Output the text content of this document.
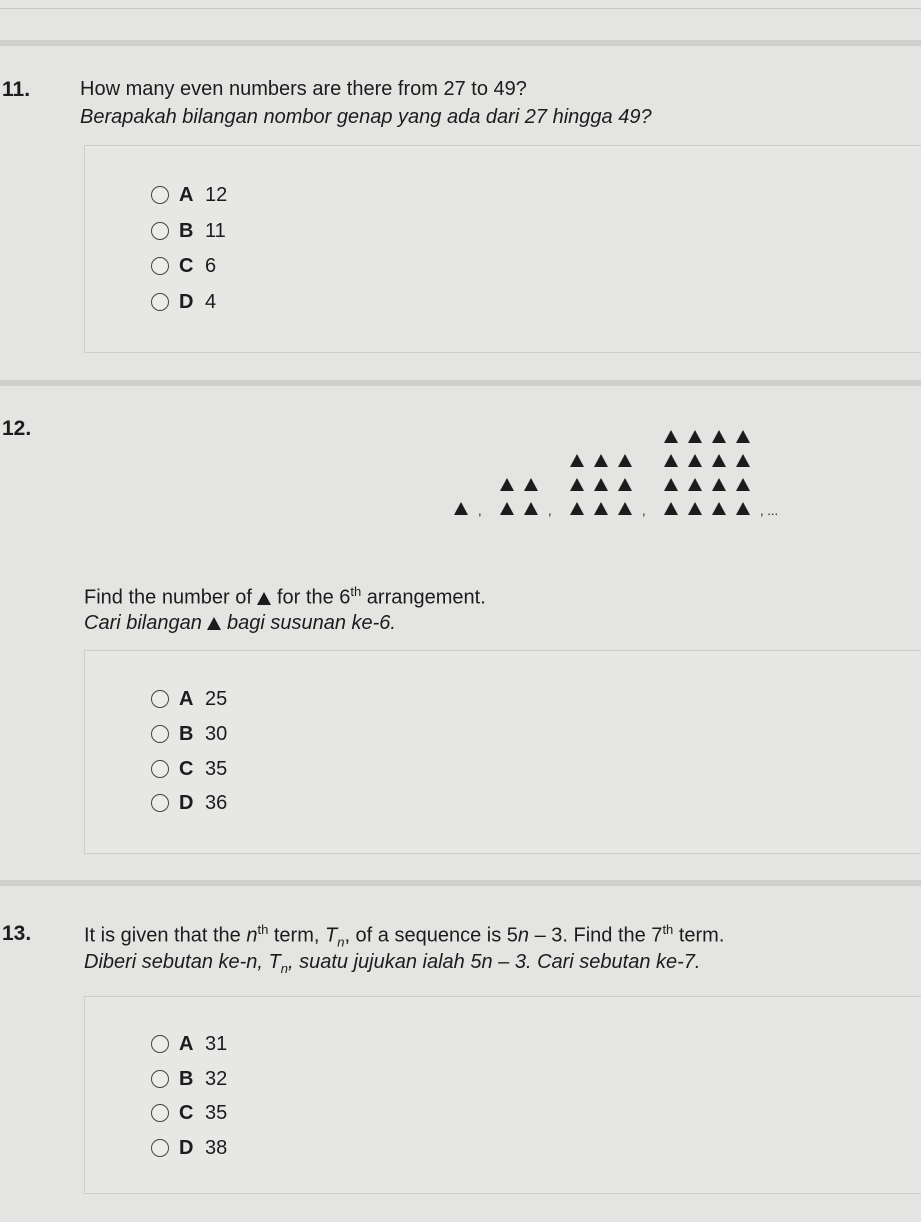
11. How many even numbers are there from 27 to 49?
Berapakah bilangan nombor genap yang ada dari 27 hingga 49?
A 12
B 11
C 6
D 4
12.
,	,	,	, ...
Find the number of for the 6th arrangement.
Cari bilangan bagi susunan ke-6.
A 25
B 30
C 35
D 36
13.	It is given that the $n^{th}$ term, $T_n$, of a sequence is 5n – 3. Find the 7th term.
Diberi sebutan ke-n, $T_n$, suatu jujukan ialah 5n – 3. Cari sebutan ke-7.
A 31
B 32
C 35
D 38
